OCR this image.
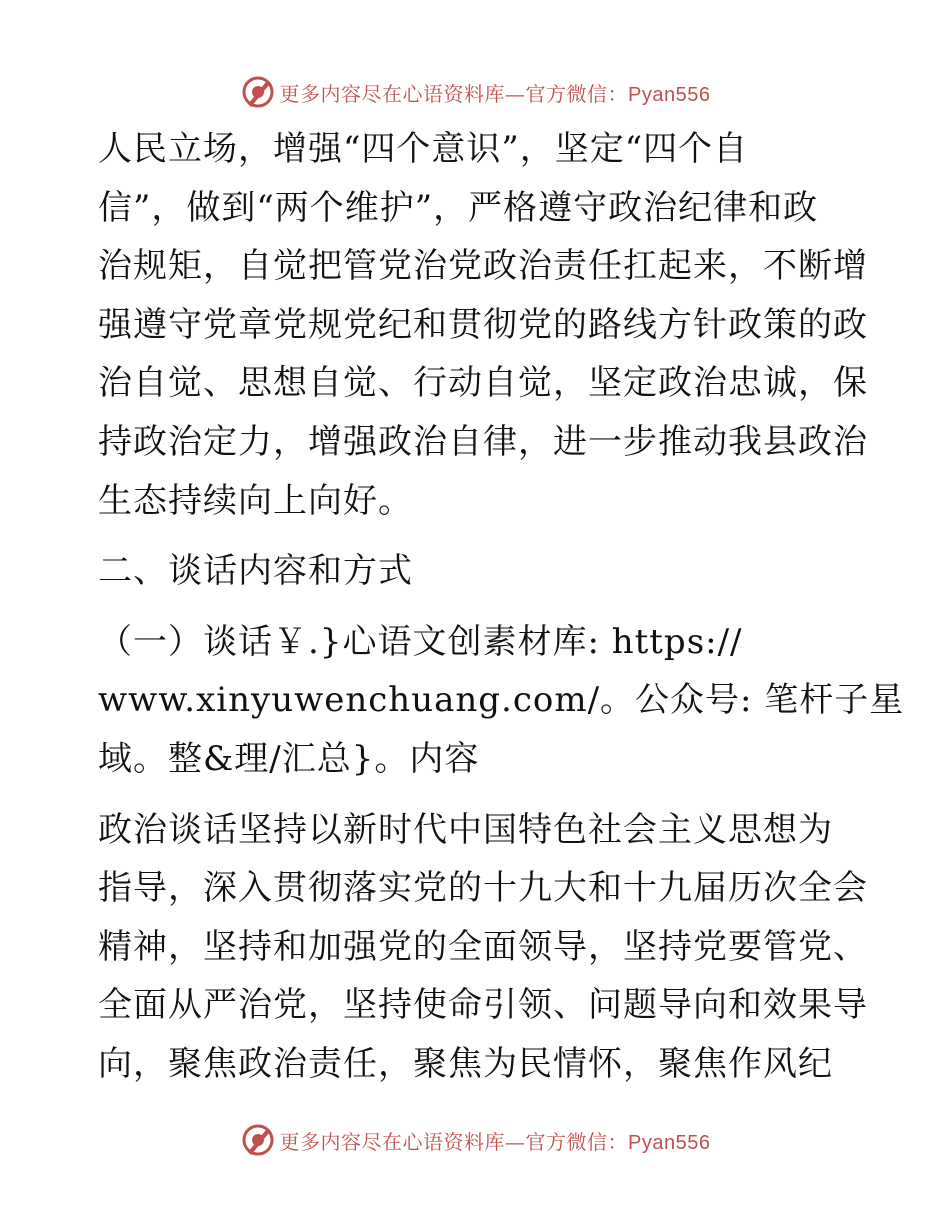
更多内容尽在心语资料库—官方微信：Pyan556
人民立场，增强“四个意识”，坚定“四个自
信”，做到“两个维护”，严格遵守政治纪律和政
治规矩，自觉把管党治党政治责任扛起来，不断增
强遵守党章党规党纪和贯彻党的路线方针政策的政
治自觉、思想自觉、行动自觉，坚定政治忠诚，保
持政治定力，增强政治自律，进一步推动我县政治
生态持续向上向好。
二、谈话内容和方式
（一）谈话￥.}心语文创素材库: https://
www.xinyuwenchuang.com/。公众号: 笔杆子星
域。整&理/汇总}。内容
政治谈话坚持以新时代中国特色社会主义思想为
指导，深入贯彻落实党的十九大和十九届历次全会
精神，坚持和加强党的全面领导，坚持党要管党、
全面从严治党，坚持使命引领、问题导向和效果导
向，聚焦政治责任，聚焦为民情怀，聚焦作风纪
更多内容尽在心语资料库—官方微信：Pyan556
